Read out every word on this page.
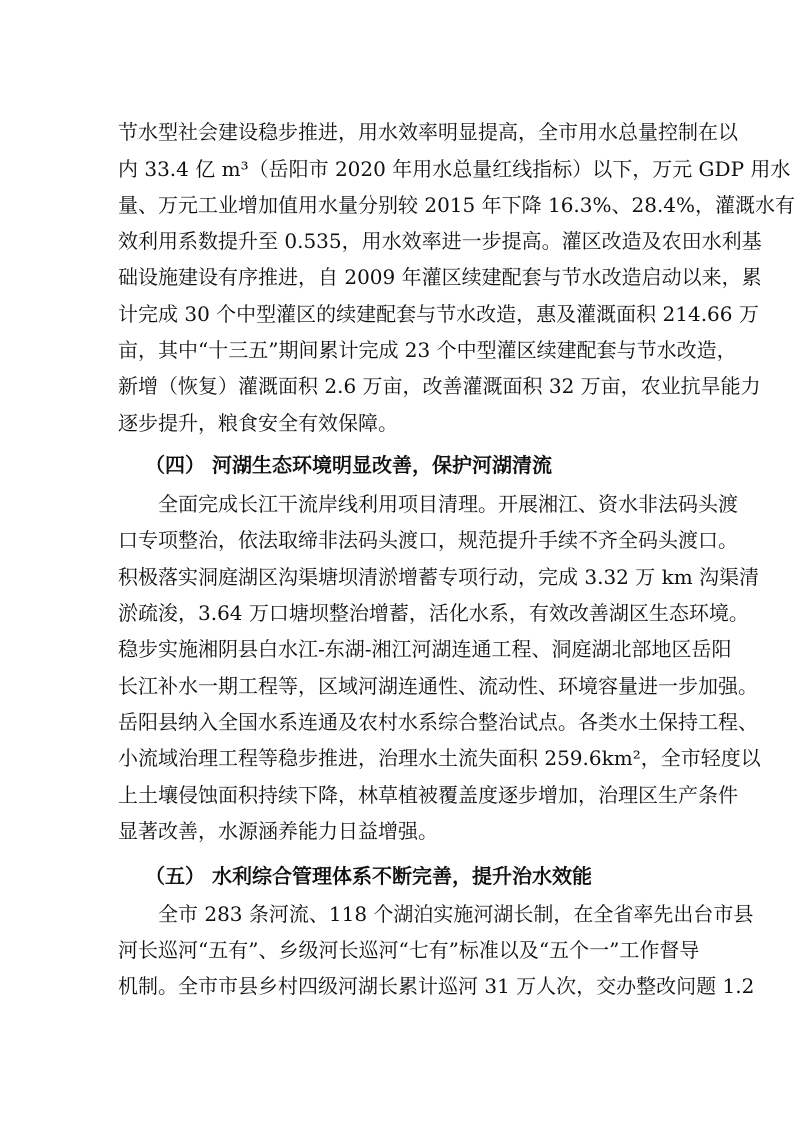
节水型社会建设稳步推进，用水效率明显提高，全市用水总量控制在以

内 33.4 亿 m³（岳阳市 2020 年用水总量红线指标）以下，万元 GDP 用水

量、万元工业增加值用水量分别较 2015 年下降 16.3%、28.4%，灌溉水有

效利用系数提升至 0.535，用水效率进一步提高。灌区改造及农田水利基

础设施建设有序推进，自 2009 年灌区续建配套与节水改造启动以来，累

计完成 30 个中型灌区的续建配套与节水改造，惠及灌溉面积 214.66 万

亩，其中“十三五”期间累计完成 23 个中型灌区续建配套与节水改造，

新增（恢复）灌溉面积 2.6 万亩，改善灌溉面积 32 万亩，农业抗旱能力

逐步提升，粮食安全有效保障。

（四） 河湖生态环境明显改善，保护河湖清流

全面完成长江干流岸线利用项目清理。开展湘江、资水非法码头渡

口专项整治，依法取缔非法码头渡口，规范提升手续不齐全码头渡口。

积极落实洞庭湖区沟渠塘坝清淤增蓄专项行动，完成 3.32 万 km 沟渠清

淤疏浚，3.64 万口塘坝整治增蓄，活化水系，有效改善湖区生态环境。

稳步实施湘阴县白水江-东湖-湘江河湖连通工程、洞庭湖北部地区岳阳

长江补水一期工程等，区域河湖连通性、流动性、环境容量进一步加强。

岳阳县纳入全国水系连通及农村水系综合整治试点。各类水土保持工程、

小流域治理工程等稳步推进，治理水土流失面积 259.6km²，全市轻度以

上土壤侵蚀面积持续下降，林草植被覆盖度逐步增加，治理区生产条件

显著改善，水源涵养能力日益增强。

（五） 水利综合管理体系不断完善，提升治水效能

全市 283 条河流、118 个湖泊实施河湖长制，在全省率先出台市县

河长巡河“五有”、乡级河长巡河“七有”标准以及“五个一”工作督导

机制。全市市县乡村四级河湖长累计巡河 31 万人次，交办整改问题 1.2
